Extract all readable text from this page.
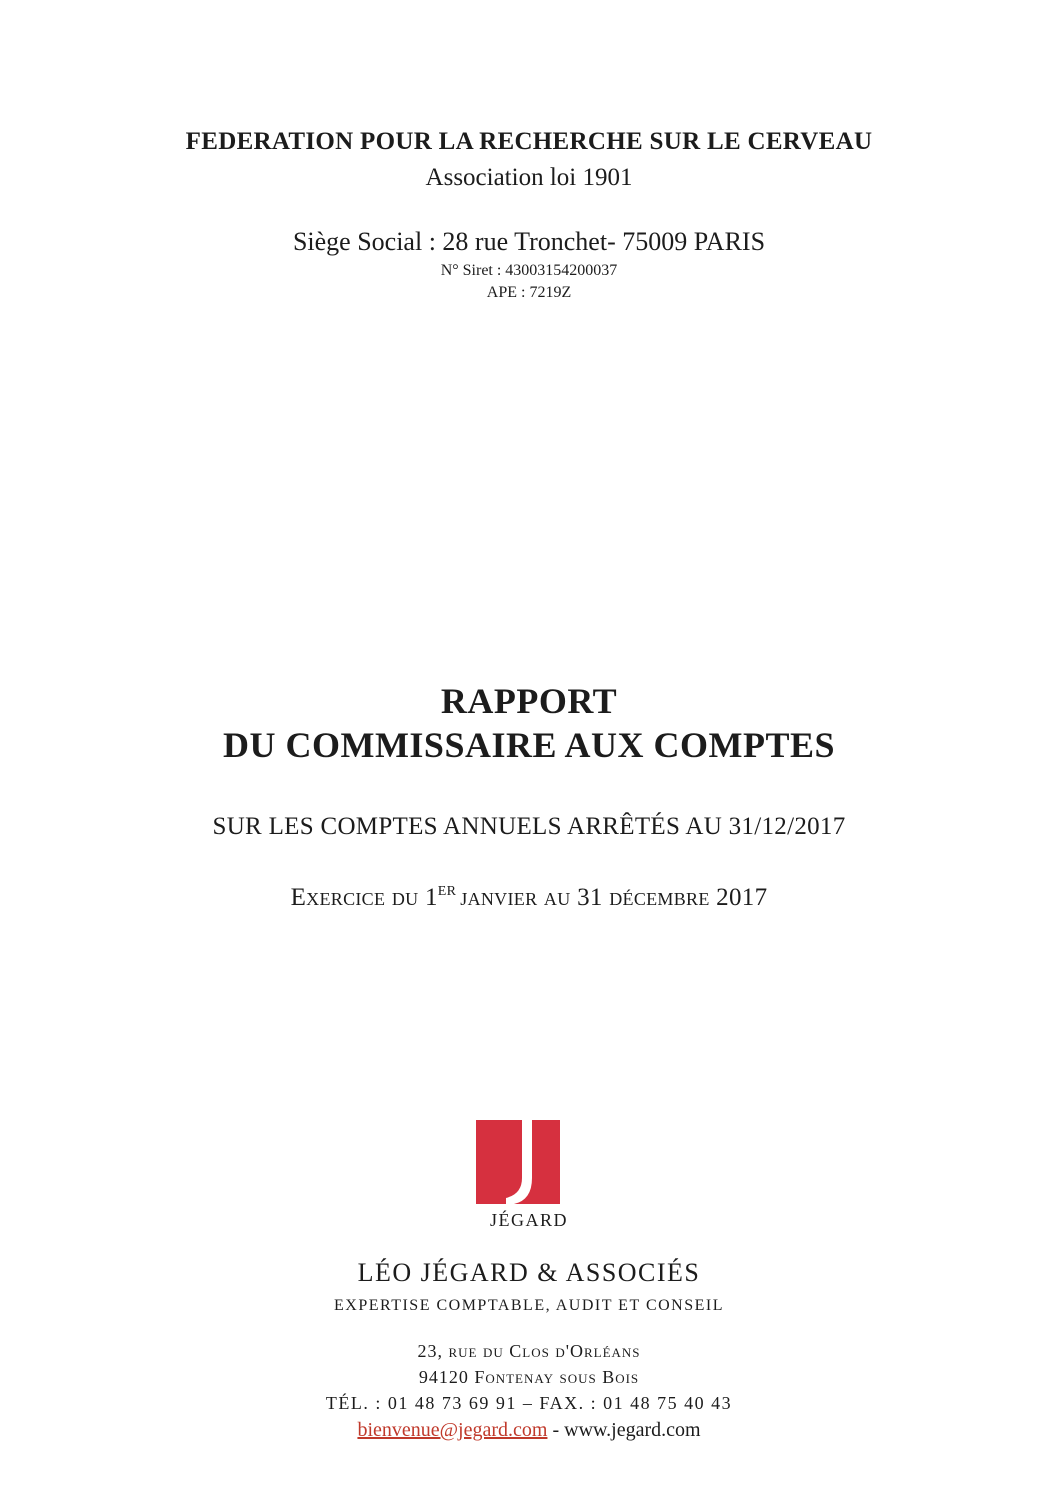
FEDERATION POUR LA RECHERCHE SUR LE CERVEAU
Association loi 1901
Siège Social : 28 rue Tronchet- 75009 PARIS
N° Siret : 43003154200037
APE : 7219Z
RAPPORT
DU COMMISSAIRE AUX COMPTES
SUR LES COMPTES ANNUELS ARRÊTÉS AU 31/12/2017
Exercice du 1ER janvier au 31 décembre 2017
JÉGARD
LÉO JÉGARD & ASSOCIÉS
EXPERTISE COMPTABLE, AUDIT ET CONSEIL
23, rue du Clos d'Orléans
94120 Fontenay sous Bois
TÉL. : 01 48 73 69 91 – FAX. : 01 48 75 40 43
bienvenue@jegard.com - www.jegard.com
